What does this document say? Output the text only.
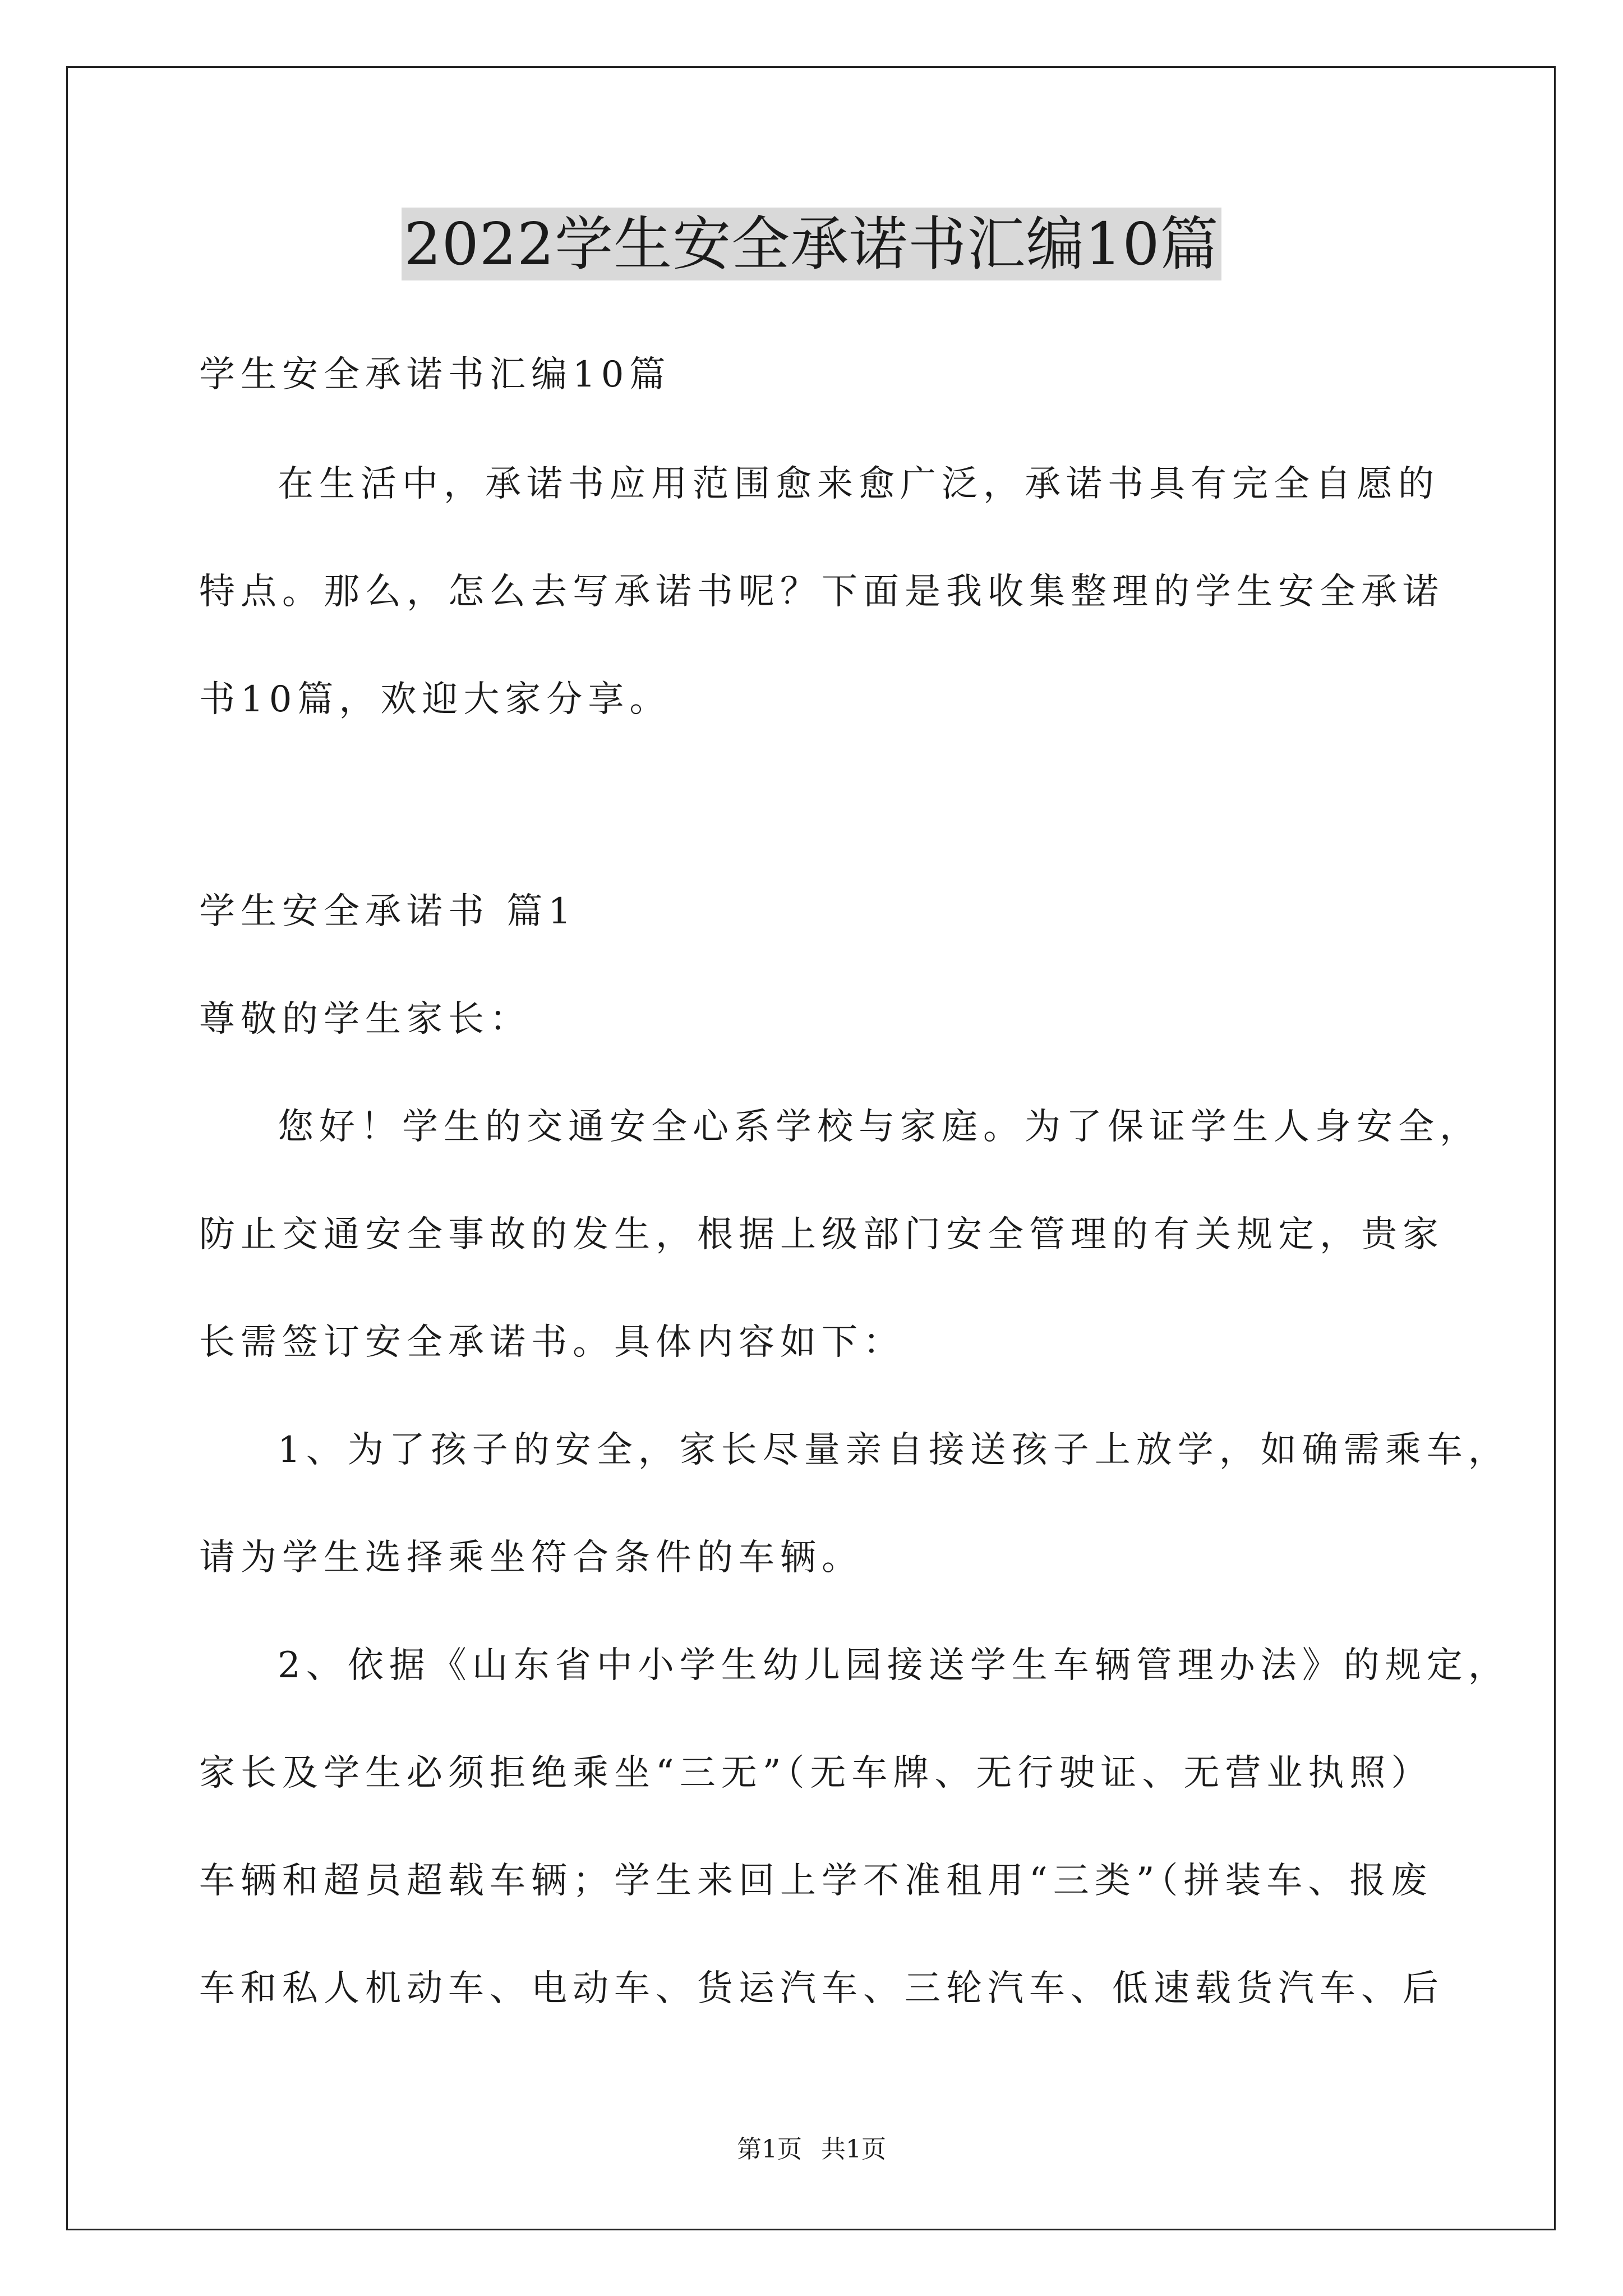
2022学生安全承诺书汇编10篇
学生安全承诺书汇编10篇
在生活中，承诺书应用范围愈来愈广泛，承诺书具有完全自愿的
特点。那么，怎么去写承诺书呢？下面是我收集整理的学生安全承诺
书10篇，欢迎大家分享。
学生安全承诺书 篇1
尊敬的学生家长：
您好！学生的交通安全心系学校与家庭。为了保证学生人身安全，
防止交通安全事故的发生，根据上级部门安全管理的有关规定，贵家
长需签订安全承诺书。具体内容如下：
1、为了孩子的安全，家长尽量亲自接送孩子上放学，如确需乘车，
请为学生选择乘坐符合条件的车辆。
2、依据《山东省中小学生幼儿园接送学生车辆管理办法》的规定，
家长及学生必须拒绝乘坐“三无”（无车牌、无行驶证、无营业执照）
车辆和超员超载车辆；学生来回上学不准租用“三类”（拼装车、报废
车和私人机动车、电动车、货运汽车、三轮汽车、低速载货汽车、后
第1页 共1页
